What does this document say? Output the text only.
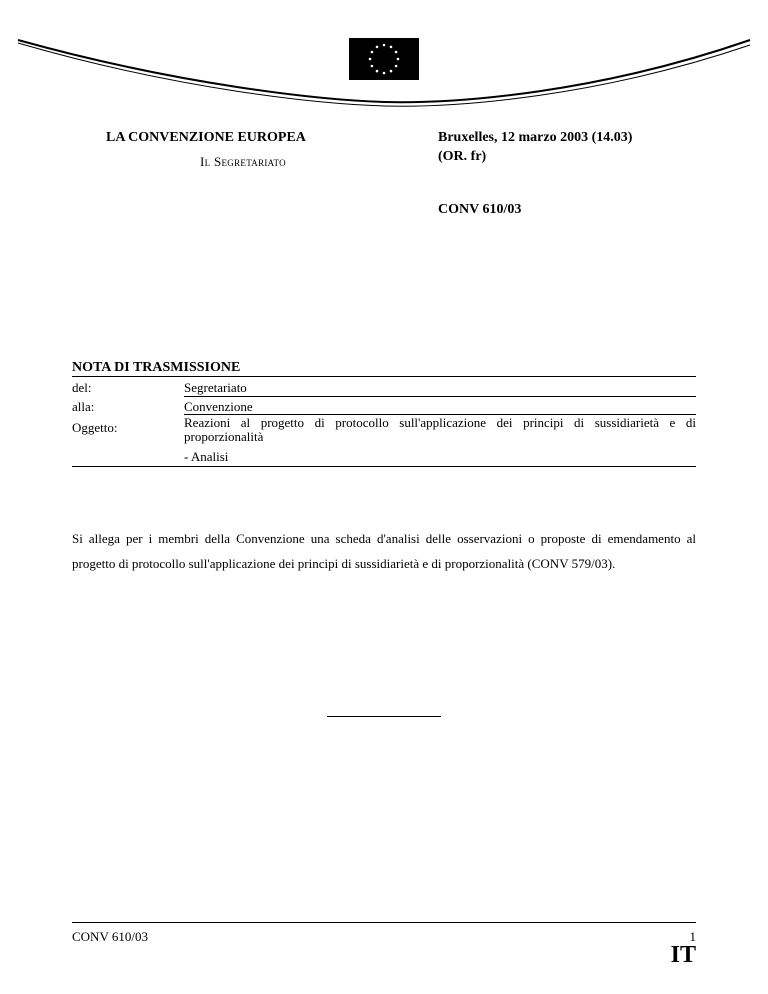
LA CONVENZIONE EUROPEA
Il Segretariato
Bruxelles, 12 marzo 2003 (14.03)
(OR. fr)
CONV 610/03
NOTA DI TRASMISSIONE
del:	Segretariato
alla:	Convenzione
Oggetto:	Reazioni al progetto di protocollo sull'applicazione dei principi di sussidiarietà e di proporzionalità
- Analisi
Si allega per i membri della Convenzione una scheda d'analisi delle osservazioni o proposte di emendamento al progetto di protocollo sull'applicazione dei principi di sussidiarietà e di proporzionalità (CONV 579/03).
CONV 610/03	1
IT
